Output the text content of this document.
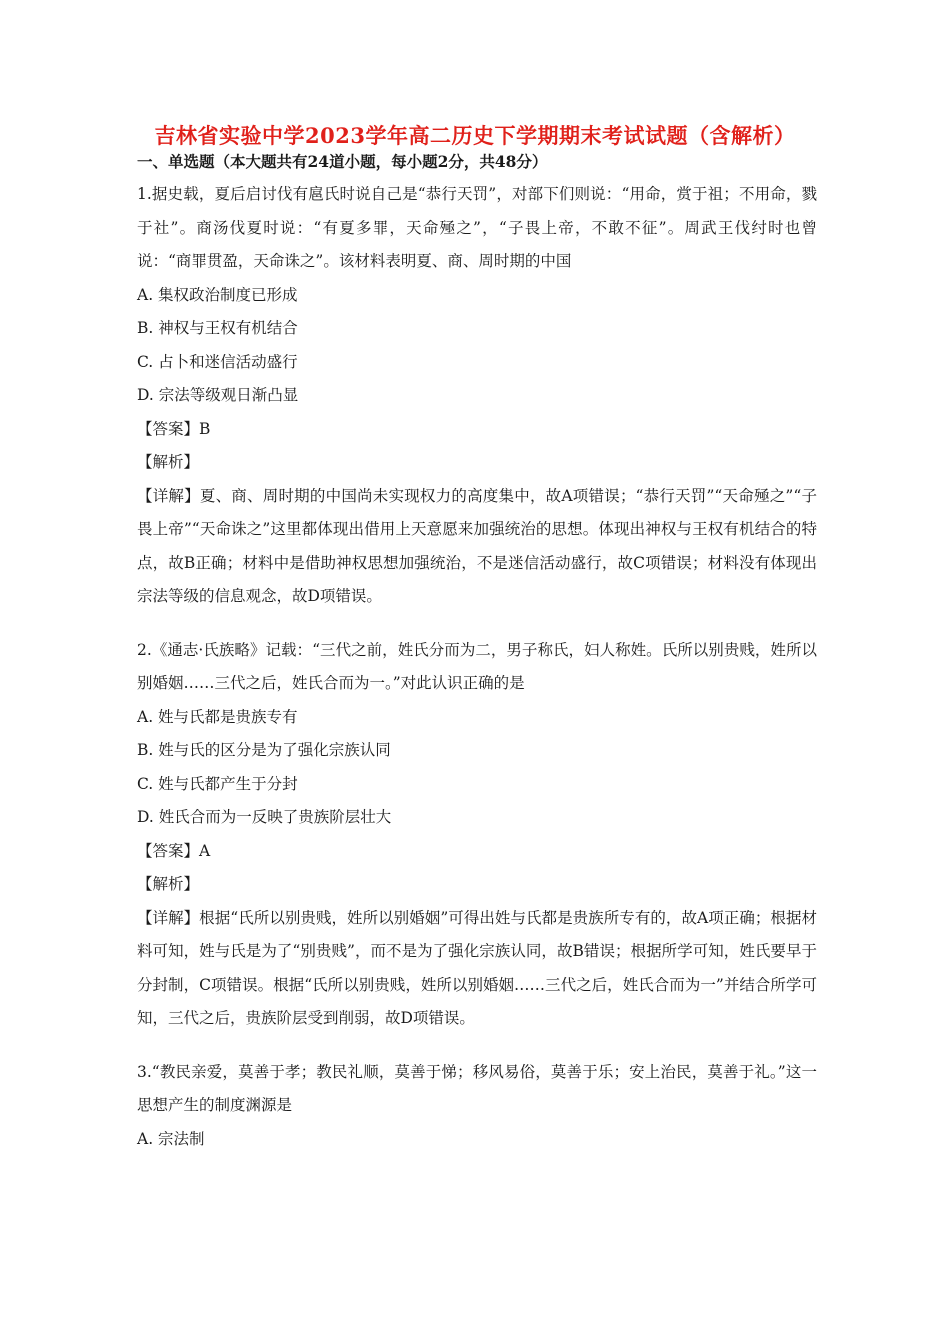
吉林省实验中学2023学年高二历史下学期期末考试试题（含解析）
一、单选题（本大题共有24道小题，每小题2分，共48分）

1.据史载，夏后启讨伐有扈氏时说自己是“恭行天罚”，对部下们则说：“用命，赏于祖；不用命，戮于社”。商汤伐夏时说：“有夏多罪，天命殛之”，“子畏上帝，不敢不征”。周武王伐纣时也曾说：“商罪贯盈，天命诛之”。该材料表明夏、商、周时期的中国

A. 集权政治制度已形成

B. 神权与王权有机结合

C. 占卜和迷信活动盛行

D. 宗法等级观日渐凸显

【答案】B

【解析】

【详解】夏、商、周时期的中国尚未实现权力的高度集中，故A项错误；“恭行天罚”“天命殛之”“子畏上帝”“天命诛之”这里都体现出借用上天意愿来加强统治的思想。体现出神权与王权有机结合的特点，故B正确；材料中是借助神权思想加强统治，不是迷信活动盛行，故C项错误；材料没有体现出宗法等级的信息观念，故D项错误。

2.《通志·氏族略》记载：“三代之前，姓氏分而为二，男子称氏，妇人称姓。氏所以别贵贱，姓所以别婚姻……三代之后，姓氏合而为一。”对此认识正确的是

A. 姓与氏都是贵族专有

B. 姓与氏的区分是为了强化宗族认同

C. 姓与氏都产生于分封

D. 姓氏合而为一反映了贵族阶层壮大

【答案】A

【解析】

【详解】根据“氏所以别贵贱，姓所以别婚姻”可得出姓与氏都是贵族所专有的，故A项正确；根据材料可知，姓与氏是为了“别贵贱”，而不是为了强化宗族认同，故B错误；根据所学可知，姓氏要早于分封制，C项错误。根据“氏所以别贵贱，姓所以别婚姻……三代之后，姓氏合而为一”并结合所学可知，三代之后，贵族阶层受到削弱，故D项错误。

3.“教民亲爱，莫善于孝；教民礼顺，莫善于悌；移风易俗，莫善于乐；安上治民，莫善于礼。”这一思想产生的制度渊源是

A. 宗法制
